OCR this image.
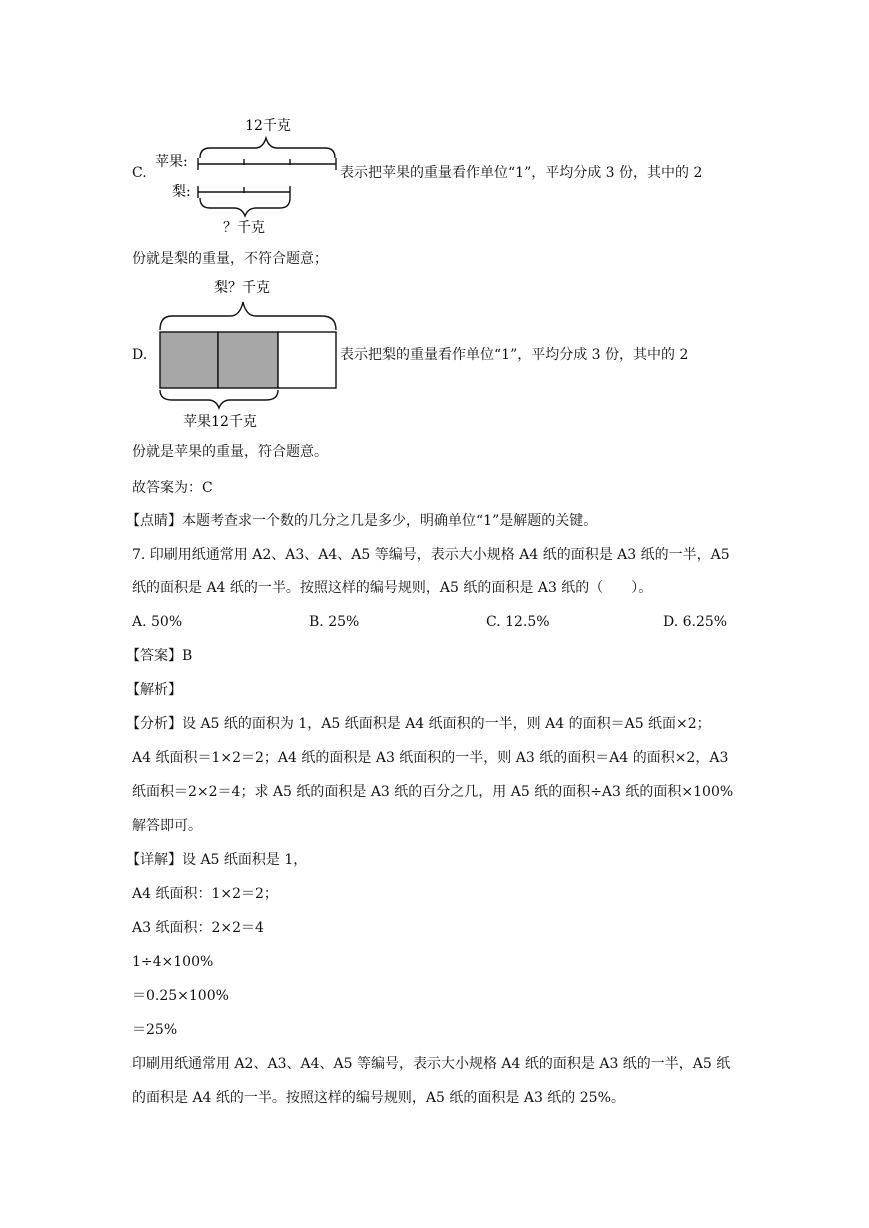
C.
12千克
苹果:
梨:
？千克
表示把苹果的重量看作单位“1”，平均分成 3 份，其中的 2
份就是梨的重量，不符合题意；
D.
梨？千克
苹果12千克
表示把梨的重量看作单位“1”，平均分成 3 份，其中的 2
份就是苹果的重量，符合题意。
故答案为：C
【点睛】本题考查求一个数的几分之几是多少，明确单位“1”是解题的关键。
7. 印刷用纸通常用 A2、A3、A4、A5 等编号，表示大小规格 A4 纸的面积是 A3 纸的一半，A5
纸的面积是 A4 纸的一半。按照这样的编号规则，A5 纸的面积是 A3 纸的（　　）。
A. 50%	B. 25%	C. 12.5%	D. 6.25%
【答案】B
【解析】
【分析】设 A5 纸的面积为 1，A5 纸面积是 A4 纸面积的一半，则 A4 的面积＝A5 纸面×2；
A4 纸面积＝1×2＝2；A4 纸的面积是 A3 纸面积的一半，则 A3 纸的面积＝A4 的面积×2，A3
纸面积＝2×2＝4；求 A5 纸的面积是 A3 纸的百分之几，用 A5 纸的面积÷A3 纸的面积×100%
解答即可。
【详解】设 A5 纸面积是 1，
A4 纸面积：1×2＝2；
A3 纸面积：2×2＝4
1÷4×100%
＝0.25×100%
＝25%
印刷用纸通常用 A2、A3、A4、A5 等编号，表示大小规格 A4 纸的面积是 A3 纸的一半，A5 纸
的面积是 A4 纸的一半。按照这样的编号规则，A5 纸的面积是 A3 纸的 25%。
